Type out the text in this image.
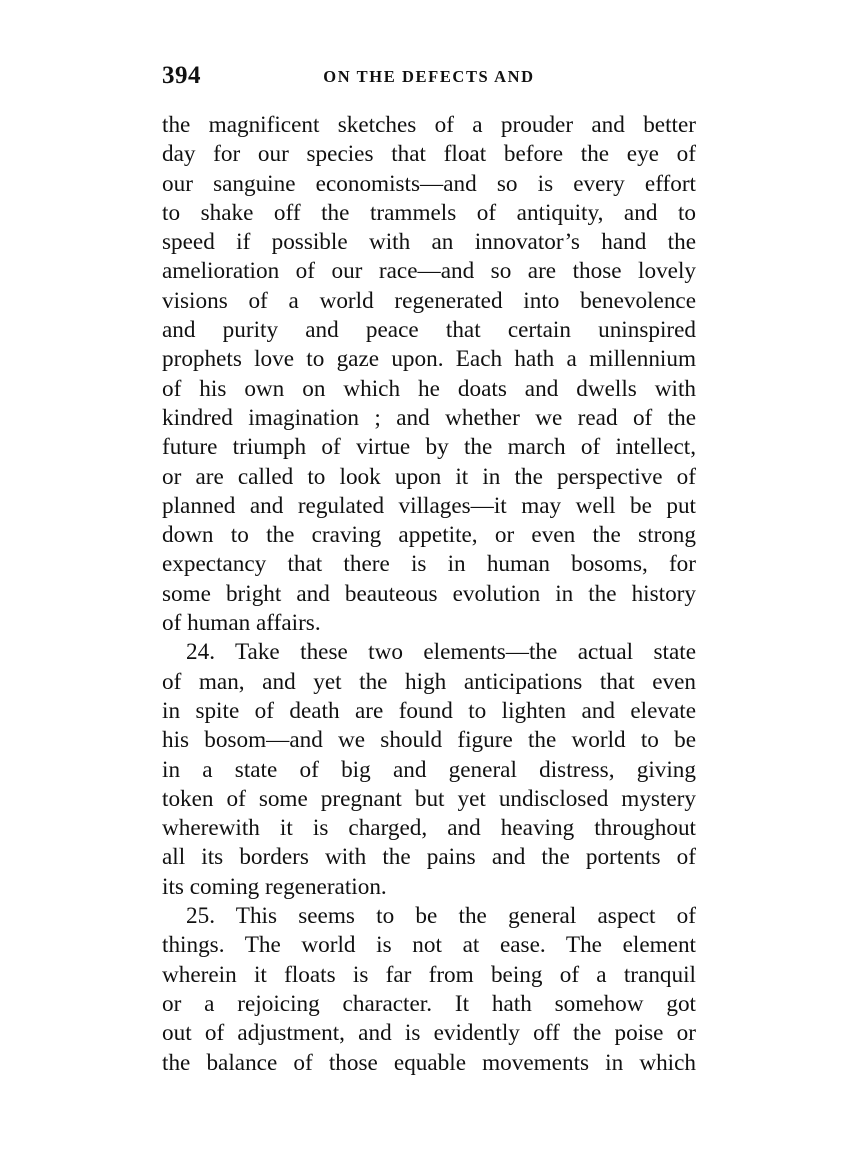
394	ON THE DEFECTS AND
the magnificent sketches of a prouder and better
day for our species that float before the eye of
our sanguine economists—and so is every effort
to shake off the trammels of antiquity, and to
speed if possible with an innovator’s hand the
amelioration of our race—and so are those lovely
visions of a world regenerated into benevolence
and purity and peace that certain uninspired
prophets love to gaze upon. Each hath a millennium
of his own on which he doats and dwells with
kindred imagination ; and whether we read of the
future triumph of virtue by the march of intellect,
or are called to look upon it in the perspective of
planned and regulated villages—it may well be put
down to the craving appetite, or even the strong
expectancy that there is in human bosoms, for
some bright and beauteous evolution in the history
of human affairs.
24. Take these two elements—the actual state
of man, and yet the high anticipations that even
in spite of death are found to lighten and elevate
his bosom—and we should figure the world to be
in a state of big and general distress, giving
token of some pregnant but yet undisclosed mystery
wherewith it is charged, and heaving throughout
all its borders with the pains and the portents of
its coming regeneration.
25. This seems to be the general aspect of
things. The world is not at ease. The element
wherein it floats is far from being of a tranquil
or a rejoicing character. It hath somehow got
out of adjustment, and is evidently off the poise or
the balance of those equable movements in which
